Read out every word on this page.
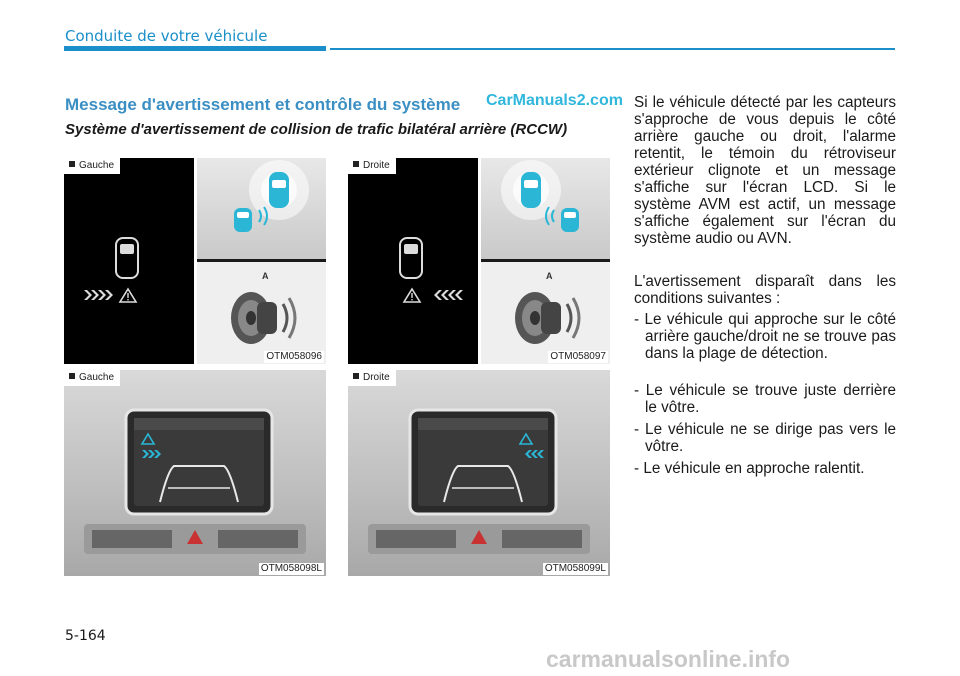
Conduite de votre véhicule
Message d'avertissement et contrôle du système CarManuals2.com
Système d'avertissement de collision de trafic bilatéral arrière (RCCW)
Gauche
A
OTM058096
Droite
A
OTM058097
Gauche
OTM058098L
Droite
OTM058099L
Si le véhicule détecté par les capteurs s'approche de vous depuis le côté arrière gauche ou droit, l'alarme retentit, le témoin du rétroviseur extérieur clignote et un message s'affiche sur l'écran LCD. Si le système AVM est actif, un message s'affiche également sur l'écran du système audio ou AVN.
L'avertissement disparaît dans les conditions suivantes :
- Le véhicule qui approche sur le côté arrière gauche/droit ne se trouve pas dans la plage de détection.
- Le véhicule se trouve juste derrière le vôtre.
- Le véhicule ne se dirige pas vers le vôtre.
- Le véhicule en approche ralentit.
5-164
carmanualsonline.info
